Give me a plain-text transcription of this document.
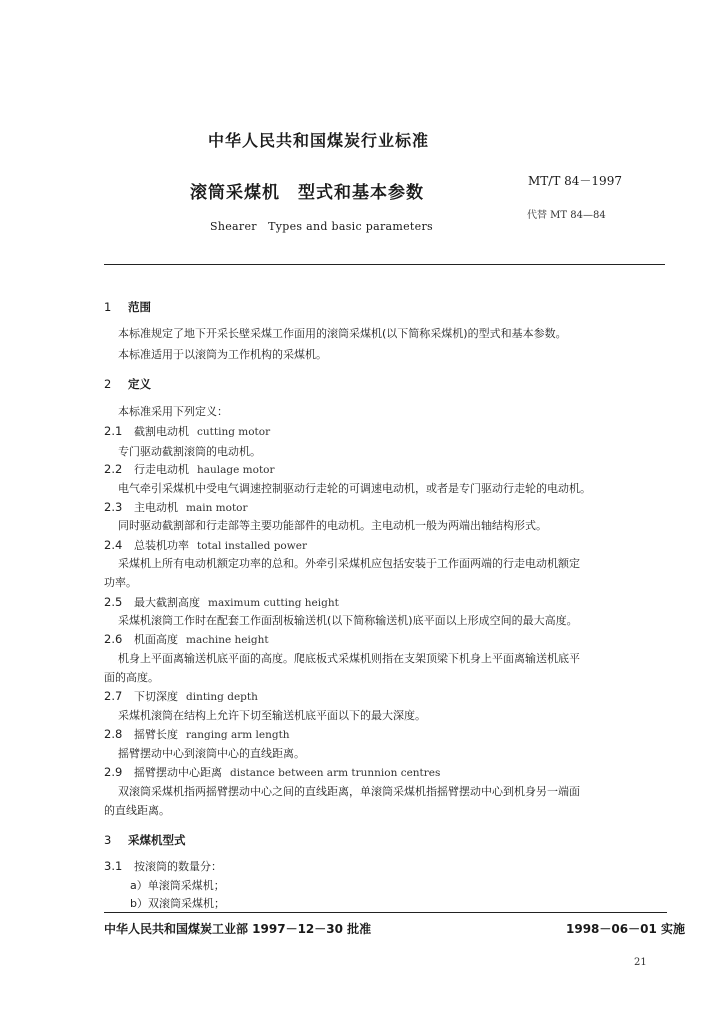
中华人民共和国煤炭行业标准
MT/T 84－1997
滚筒采煤机　型式和基本参数
代替 MT 84—84
Shearer　Types and basic parameters
1 范围
本标准规定了地下开采长壁采煤工作面用的滚筒采煤机(以下简称采煤机)的型式和基本参数。
本标准适用于以滚筒为工作机构的采煤机。
2 定义
本标准采用下列定义：
2.1 截割电动机 cutting motor
专门驱动截割滚筒的电动机。
2.2 行走电动机 haulage motor
电气牵引采煤机中受电气调速控制驱动行走轮的可调速电动机，或者是专门驱动行走轮的电动机。
2.3 主电动机 main motor
同时驱动截割部和行走部等主要功能部件的电动机。主电动机一般为两端出轴结构形式。
2.4 总装机功率 total installed power
采煤机上所有电动机额定功率的总和。外牵引采煤机应包括安装于工作面两端的行走电动机额定
功率。
2.5 最大截割高度 maximum cutting height
采煤机滚筒工作时在配套工作面刮板输送机(以下简称输送机)底平面以上形成空间的最大高度。
2.6 机面高度 machine height
机身上平面离输送机底平面的高度。爬底板式采煤机则指在支架顶梁下机身上平面离输送机底平
面的高度。
2.7 下切深度 dinting depth
采煤机滚筒在结构上允许下切至输送机底平面以下的最大深度。
2.8 摇臂长度 ranging arm length
摇臂摆动中心到滚筒中心的直线距离。
2.9 摇臂摆动中心距离 distance between arm trunnion centres
双滚筒采煤机指两摇臂摆动中心之间的直线距离，单滚筒采煤机指摇臂摆动中心到机身另一端面
的直线距离。
3 采煤机型式
3.1 按滚筒的数量分：
a）单滚筒采煤机；
b）双滚筒采煤机；
中华人民共和国煤炭工业部 1997－12－30 批准	1998－06－01 实施
21
